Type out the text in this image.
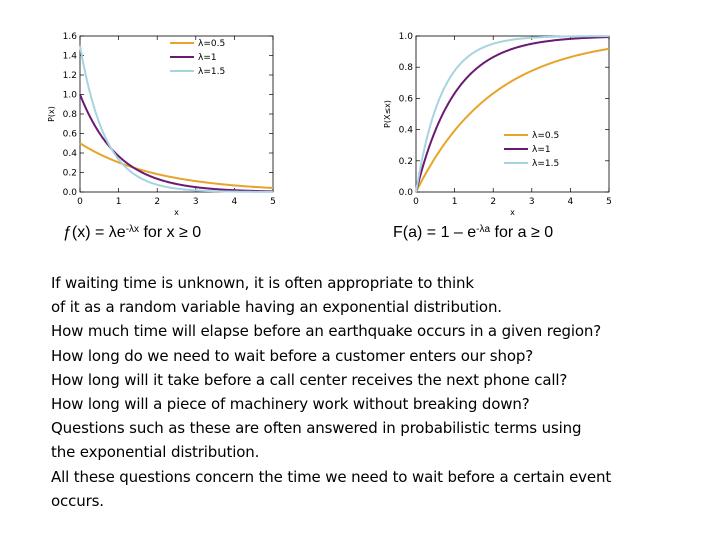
0	1	2	3	4	5
0.0
0.2
0.4
0.6
0.8
1.0
1.2
1.4
1.6
x
P(x)
λ=0.5
λ=1
λ=1.5
0	1	2	3	4	5
0.0
0.2
0.4
0.6
0.8
1.0
x
P(X≤x)
λ=0.5
λ=1
λ=1.5
ƒ(x) = $\lambda e^{-\lambda x}$ for x ≥ 0	$F(a) = 1 - e^{-\lambda a}$ for a ≥ 0
If waiting time is unknown, it is often appropriate to think
of it as a random variable having an exponential distribution.
How much time will elapse before an earthquake occurs in a given region?
How long do we need to wait before a customer enters our shop?
How long will it take before a call center receives the next phone call?
How long will a piece of machinery work without breaking down?
Questions such as these are often answered in probabilistic terms using
the exponential distribution.
All these questions concern the time we need to wait before a certain event
occurs.
